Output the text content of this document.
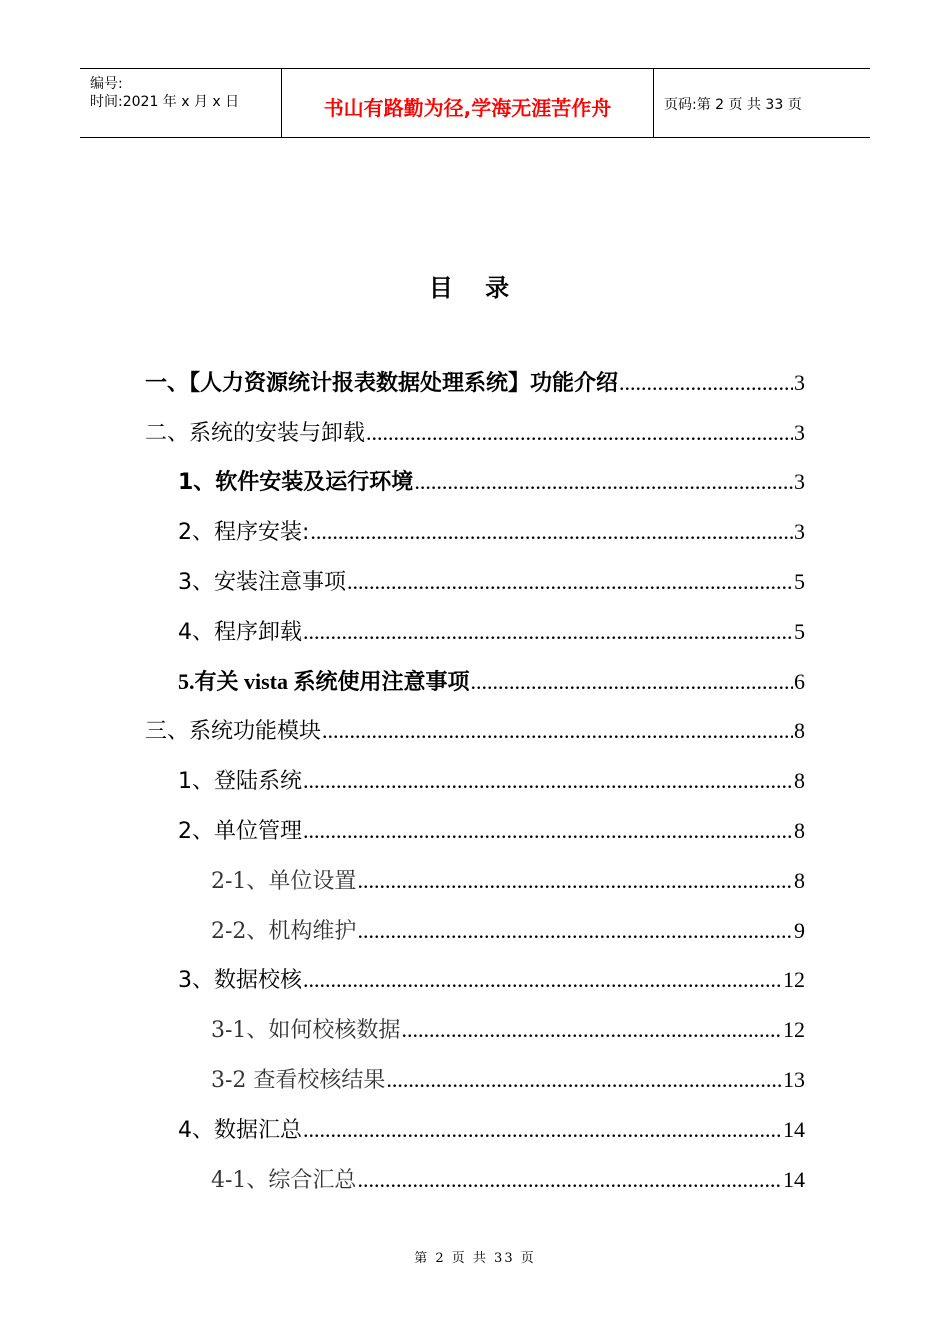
编号:
时间:2021 年 x 月 x 日	书山有路勤为径,学海无涯苦作舟	页码:第 2 页 共 33 页
目 录
一、【人力资源统计报表数据处理系统】功能介绍 .....	3
二、系统的安装与卸载 .....	3
1、软件安装及运行环境 .....	3
2、程序安装: .....	3
3、安装注意事项 .....	5
4、程序卸载 .....	5
5.有关 vista 系统使用注意事项 .....	6
三、系统功能模块 .....	8
1、登陆系统 .....	8
2、单位管理 .....	8
2-1、单位设置 .....	8
2-2、机构维护 .....	9
3、数据校核 .....	12
3-1、如何校核数据 .....	12
3-2 查看校核结果 .....	13
4、数据汇总 .....	14
4-1、综合汇总 .....	14
第 2 页 共 33 页
